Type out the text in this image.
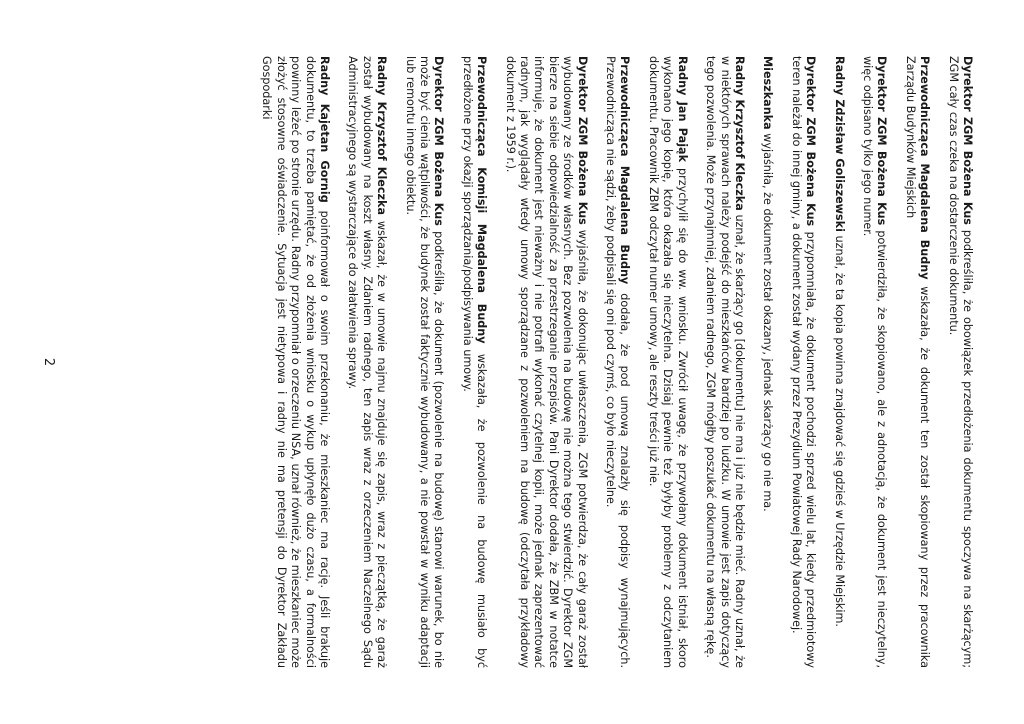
Dyrektor ZGM Bożena Kus podkreśliła, że obowiązek przedłożenia dokumentu spoczywa na skarżącym; ZGM cały czas czeka na dostarczenie dokumentu.

Przewodnicząca Magdalena Budny wskazała, że dokument ten został skopiowany przez pracownika Zarządu Budynków Miejskich

Dyrektor ZGM Bożena Kus potwierdziła, że skopiowano, ale z adnotacją, że dokument jest nieczytelny, więc odpisano tylko jego numer.

Radny Zdzisław Goliszewski uznał, że ta kopia powinna znajdować się gdzieś w Urzędzie Miejskim.

Dyrektor ZGM Bożena Kus przypomniała, że dokument pochodzi sprzed wielu lat, kiedy przedmiotowy teren należał do innej gminy, a dokument został wydany przez Prezydium Powiatowej Rady Narodowej.

Mieszkanka wyjaśniła, że dokument został okazany, jednak skarżący go nie ma.

Radny Krzysztof Kleczka uznał, że skarżący go [dokumentu] nie ma i już nie będzie mieć. Radny uznał, że w niektórych sprawach należy podejść do mieszkańców bardziej po ludzku. W umowie jest zapis dotyczący tego pozwolenia. Może przynajmniej, zdaniem radnego, ZGM mógłby poszukać dokumentu na własną rękę.

Radny Jan Pająk przychylił się do ww. wniosku. Zwrócił uwagę, że przywołany dokument istniał, skoro wykonano jego kopię, która okazała się nieczytelna. Dzisiaj pewnie też byłyby problemy z odczytaniem dokumentu. Pracownik ZBM odczytał numer umowy, ale reszty treści już nie.

Przewodnicząca Magdalena Budny dodała, że pod umową znalazły się podpisy wynajmujących. Przewodnicząca nie sądzi, żeby podpisali się oni pod czymś, co było nieczytelne.

Dyrektor ZGM Bożena Kus wyjaśniła, że dokonując uwłaszczenia, ZGM potwierdza, że cały garaż został wybudowany ze środków własnych. Bez pozwolenia na budowę nie można tego stwierdzić. Dyrektor ZGM bierze na siebie odpowiedzialność za przestrzeganie przepisów. Pani Dyrektor dodała, że ZBM w notatce informuje, że dokument jest nieważny i nie potrafi wykonać czytelnej kopii, może jednak zaprezentować radnym, jak wyglądały wtedy umowy sporządzane z pozwoleniem na budowę (odczytała przykładowy dokument z 1959 r.).

Przewodnicząca Komisji Magdalena Budny wskazała, że pozwolenie na budowę musiało być przedłożone przy okazji sporządzania/podpisywania umowy.

Dyrektor ZGM Bożena Kus podkreśliła, że dokument (pozwolenie na budowę) stanowi warunek, bo nie może być cienia wątpliwości, że budynek został faktycznie wybudowany, a nie powstał w wyniku adaptacji lub remontu innego obiektu.

Radny Krzysztof Kleczka wskazał, że w umowie najmu znajduje się zapis, wraz z pieczątką, że garaż został wybudowany na koszt własny. Zdaniem radnego, ten zapis wraz z orzeczeniem Naczelnego Sądu Administracyjnego są wystarczające do załatwienia sprawy.

Radny Kajetan Gornig poinformował o swoim przekonaniu, że mieszkaniec ma rację. Jeśli brakuje dokumentu, to trzeba pamiętać, że od złożenia wniosku o wykup upłynęło dużo czasu, a formalności powinny leżeć po stronie urzędu. Radny przypomniał o orzeczeniu NSA, uznał również, że mieszkaniec może złożyć stosowne oświadczenie. Sytuacja jest nietypowa i radny nie ma pretensji do Dyrektor Zakładu Gospodarki

2
